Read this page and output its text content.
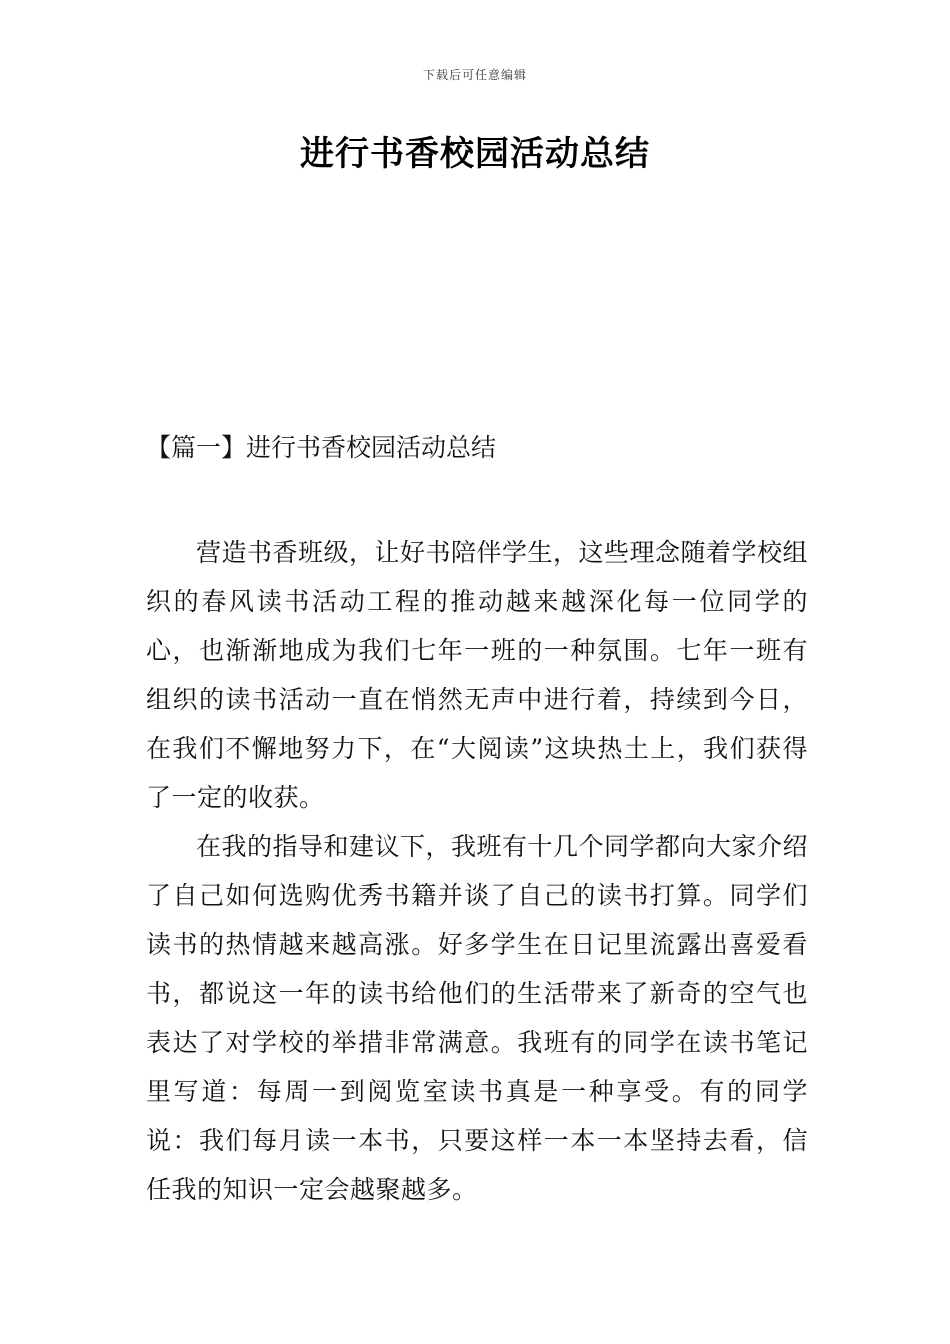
下载后可任意编辑
进行书香校园活动总结
【篇一】进行书香校园活动总结

营造书香班级，让好书陪伴学生，这些理念随着学校组织的春风读书活动工程的推动越来越深化每一位同学的心，也渐渐地成为我们七年一班的一种氛围。七年一班有组织的读书活动一直在悄然无声中进行着，持续到今日，在我们不懈地努力下，在“大阅读”这块热土上，我们获得了一定的收获。

在我的指导和建议下，我班有十几个同学都向大家介绍了自己如何选购优秀书籍并谈了自己的读书打算。同学们读书的热情越来越高涨。好多学生在日记里流露出喜爱看书，都说这一年的读书给他们的生活带来了新奇的空气也表达了对学校的举措非常满意。我班有的同学在读书笔记里写道：每周一到阅览室读书真是一种享受。有的同学说：我们每月读一本书，只要这样一本一本坚持去看，信任我的知识一定会越聚越多。
